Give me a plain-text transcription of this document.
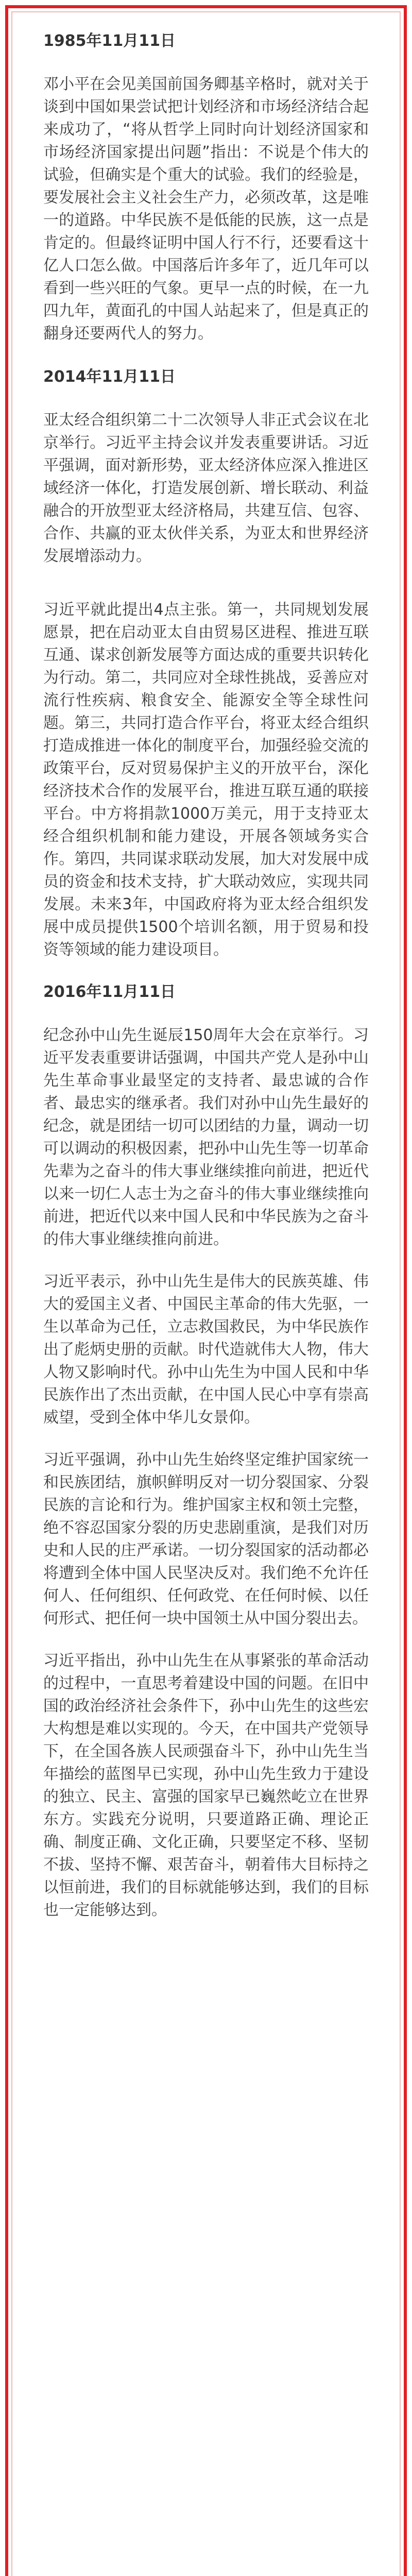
1985年11月11日

邓小平在会见美国前国务卿基辛格时，就对关于谈到中国如果尝试把计划经济和市场经济结合起来成功了，“将从哲学上同时向计划经济国家和市场经济国家提出问题”指出：不说是个伟大的试验，但确实是个重大的试验。我们的经验是，要发展社会主义社会生产力，必须改革，这是唯一的道路。中华民族不是低能的民族，这一点是肯定的。但最终证明中国人行不行，还要看这十亿人口怎么做。中国落后许多年了，近几年可以看到一些兴旺的气象。更早一点的时候，在一九四九年，黄面孔的中国人站起来了，但是真正的翻身还要两代人的努力。

2014年11月11日

亚太经合组织第二十二次领导人非正式会议在北京举行。习近平主持会议并发表重要讲话。习近平强调，面对新形势，亚太经济体应深入推进区域经济一体化，打造发展创新、增长联动、利益融合的开放型亚太经济格局，共建互信、包容、合作、共赢的亚太伙伴关系，为亚太和世界经济发展增添动力。

习近平就此提出4点主张。第一，共同规划发展愿景，把在启动亚太自由贸易区进程、推进互联互通、谋求创新发展等方面达成的重要共识转化为行动。第二，共同应对全球性挑战，妥善应对流行性疾病、粮食安全、能源安全等全球性问题。第三，共同打造合作平台，将亚太经合组织打造成推进一体化的制度平台，加强经验交流的政策平台，反对贸易保护主义的开放平台，深化经济技术合作的发展平台，推进互联互通的联接平台。中方将捐款1000万美元，用于支持亚太经合组织机制和能力建设，开展各领域务实合作。第四，共同谋求联动发展，加大对发展中成员的资金和技术支持，扩大联动效应，实现共同发展。未来3年，中国政府将为亚太经合组织发展中成员提供1500个培训名额，用于贸易和投资等领域的能力建设项目。

2016年11月11日

纪念孙中山先生诞辰150周年大会在京举行。习近平发表重要讲话强调，中国共产党人是孙中山先生革命事业最坚定的支持者、最忠诚的合作者、最忠实的继承者。我们对孙中山先生最好的纪念，就是团结一切可以团结的力量，调动一切可以调动的积极因素，把孙中山先生等一切革命先辈为之奋斗的伟大事业继续推向前进，把近代以来一切仁人志士为之奋斗的伟大事业继续推向前进，把近代以来中国人民和中华民族为之奋斗的伟大事业继续推向前进。

习近平表示，孙中山先生是伟大的民族英雄、伟大的爱国主义者、中国民主革命的伟大先驱，一生以革命为己任，立志救国救民，为中华民族作出了彪炳史册的贡献。时代造就伟大人物，伟大人物又影响时代。孙中山先生为中国人民和中华民族作出了杰出贡献，在中国人民心中享有崇高威望，受到全体中华儿女景仰。

习近平强调，孙中山先生始终坚定维护国家统一和民族团结，旗帜鲜明反对一切分裂国家、分裂民族的言论和行为。维护国家主权和领土完整，绝不容忍国家分裂的历史悲剧重演，是我们对历史和人民的庄严承诺。一切分裂国家的活动都必将遭到全体中国人民坚决反对。我们绝不允许任何人、任何组织、任何政党、在任何时候、以任何形式、把任何一块中国领土从中国分裂出去。

习近平指出，孙中山先生在从事紧张的革命活动的过程中，一直思考着建设中国的问题。在旧中国的政治经济社会条件下，孙中山先生的这些宏大构想是难以实现的。今天，在中国共产党领导下，在全国各族人民顽强奋斗下，孙中山先生当年描绘的蓝图早已实现，孙中山先生致力于建设的独立、民主、富强的国家早已巍然屹立在世界东方。实践充分说明，只要道路正确、理论正确、制度正确、文化正确，只要坚定不移、坚韧不拔、坚持不懈、艰苦奋斗，朝着伟大目标持之以恒前进，我们的目标就能够达到，我们的目标也一定能够达到。
